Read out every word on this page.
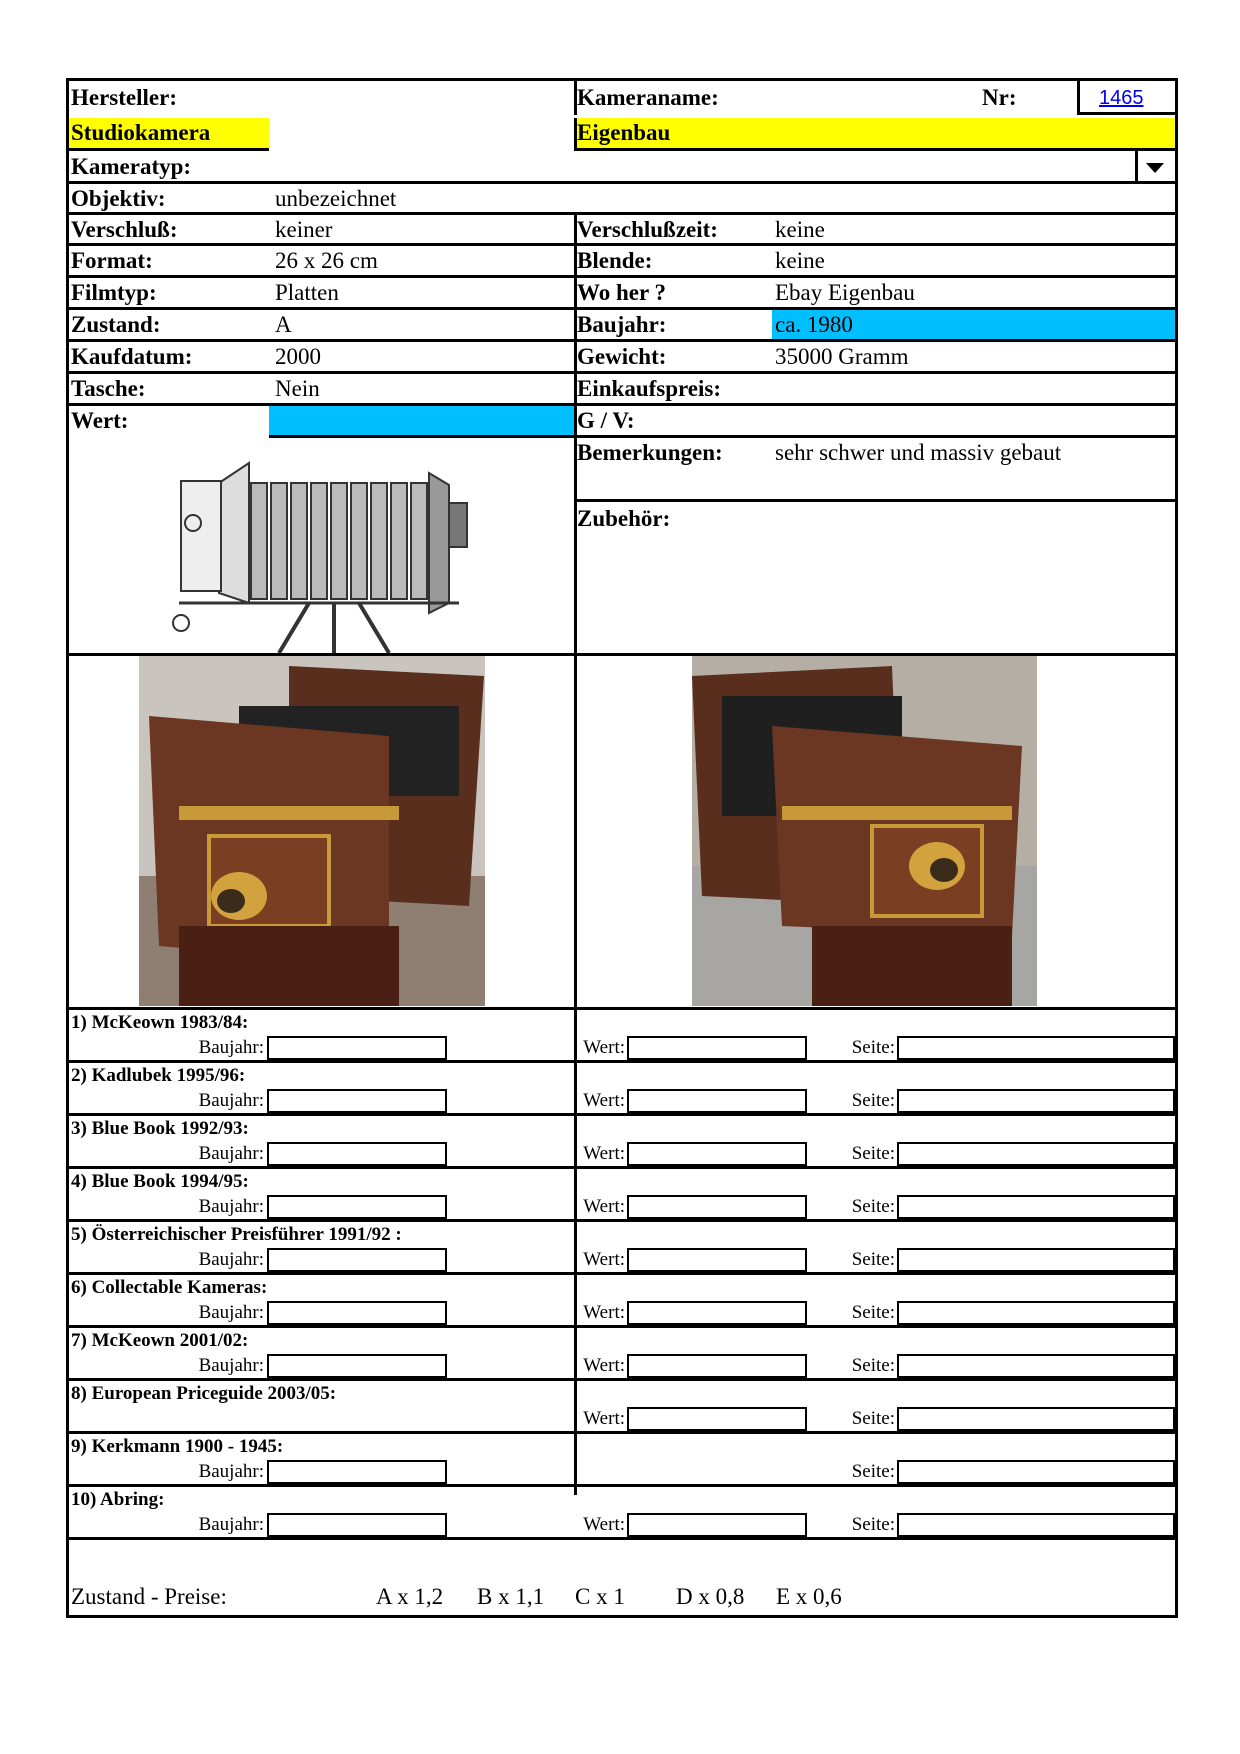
Hersteller:	Kameraname:	Nr:	1465
Studiokamera	Eigenbau
Kameratyp:
Objektiv:	unbezeichnet
Verschluß:	keiner	Verschlußzeit: keine
Format:	26 x 26 cm	Blende:	keine
Filmtyp:	Platten	Wo her ?	Ebay Eigenbau
Zustand:	A	Baujahr:	ca. 1980
Kaufdatum:	2000	Gewicht:	35000 Gramm
Tasche:	Nein	Einkaufspreis:
Wert:	G / V:
Bemerkungen: sehr schwer und massiv gebaut
Zubehör:
Zustand - Preise:	A x 1,2 B x 1,1 C x 1 D x 0,8 E x 0,6
1) McKeown 1983/84:
Baujahr:	Wert:	Seite:
2) Kadlubek 1995/96:
Baujahr:	Wert:	Seite:
3) Blue Book 1992/93:
Baujahr:	Wert:	Seite:
4) Blue Book 1994/95:
Baujahr:	Wert:	Seite:
5) Österreichischer Preisführer 1991/92 :
Baujahr:	Wert:	Seite:
6) Collectable Kameras:
Baujahr:	Wert:	Seite:
7) McKeown 2001/02:
Baujahr:	Wert:	Seite:
8) European Priceguide 2003/05:
Wert:	Seite:
9) Kerkmann 1900 - 1945:
Baujahr:	Seite:
10) Abring:
Baujahr:	Wert:	Seite:
